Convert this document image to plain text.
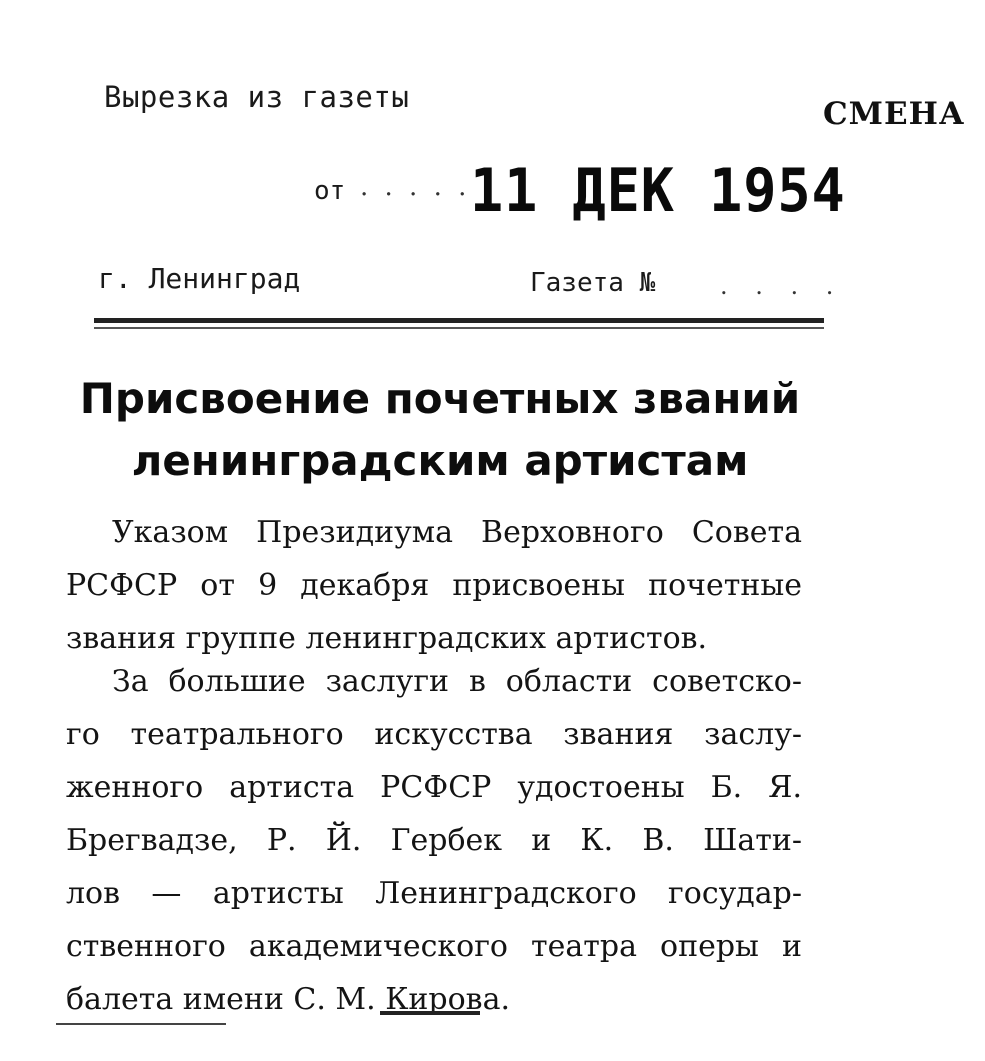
Вырезка из газеты	СМЕНА
от . . . . . 11 ДЕК 1954
г. Ленинград	Газета №	. . . .
Присвоение почетных званий
ленинградским артистам
Указом Президиума Верховного Совета
РСФСР от 9 декабря присвоены почетные
звания группе ленинградских артистов.
За большие заслуги в области советско-
го театрального искусства звания заслу-
женного артиста РСФСР удостоены Б. Я.
Брегвадзе, Р. Й. Гербек и К. В. Шати-
лов — артисты Ленинградского государ-
ственного академического театра оперы и
балета имени С. М. Кирова.
